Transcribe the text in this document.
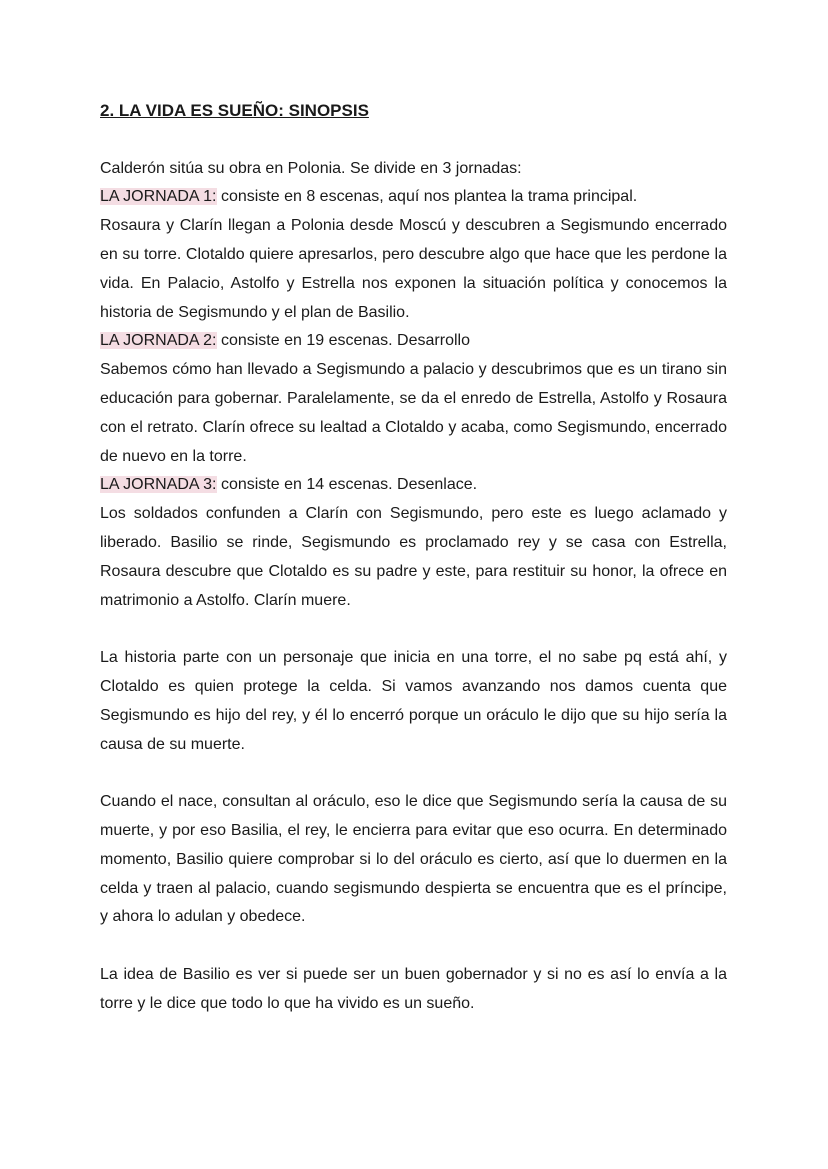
2. LA VIDA ES SUEÑO: SINOPSIS

Calderón sitúa su obra en Polonia. Se divide en 3 jornadas:

LA JORNADA 1: consiste en 8 escenas, aquí nos plantea la trama principal.

Rosaura y Clarín llegan a Polonia desde Moscú y descubren a Segismundo encerrado en su torre. Clotaldo quiere apresarlos, pero descubre algo que hace que les perdone la vida. En Palacio, Astolfo y Estrella nos exponen la situación política y conocemos la historia de Segismundo y el plan de Basilio.

LA JORNADA 2: consiste en 19 escenas. Desarrollo

Sabemos cómo han llevado a Segismundo a palacio y descubrimos que es un tirano sin educación para gobernar. Paralelamente, se da el enredo de Estrella, Astolfo y Rosaura con el retrato. Clarín ofrece su lealtad a Clotaldo y acaba, como Segismundo, encerrado de nuevo en la torre.

LA JORNADA 3: consiste en 14 escenas. Desenlace.

Los soldados confunden a Clarín con Segismundo, pero este es luego aclamado y liberado. Basilio se rinde, Segismundo es proclamado rey y se casa con Estrella, Rosaura descubre que Clotaldo es su padre y este, para restituir su honor, la ofrece en matrimonio a Astolfo. Clarín muere.

La historia parte con un personaje que inicia en una torre, el no sabe pq está ahí, y Clotaldo es quien protege la celda. Si vamos avanzando nos damos cuenta que Segismundo es hijo del rey, y él lo encerró porque un oráculo le dijo que su hijo sería la causa de su muerte.

Cuando el nace, consultan al oráculo, eso le dice que Segismundo sería la causa de su muerte, y por eso Basilia, el rey, le encierra para evitar que eso ocurra. En determinado momento, Basilio quiere comprobar si lo del oráculo es cierto, así que lo duermen en la celda y traen al palacio, cuando segismundo despierta se encuentra que es el príncipe, y ahora lo adulan y obedece.

La idea de Basilio es ver si puede ser un buen gobernador y si no es así lo envía a la torre y le dice que todo lo que ha vivido es un sueño.
